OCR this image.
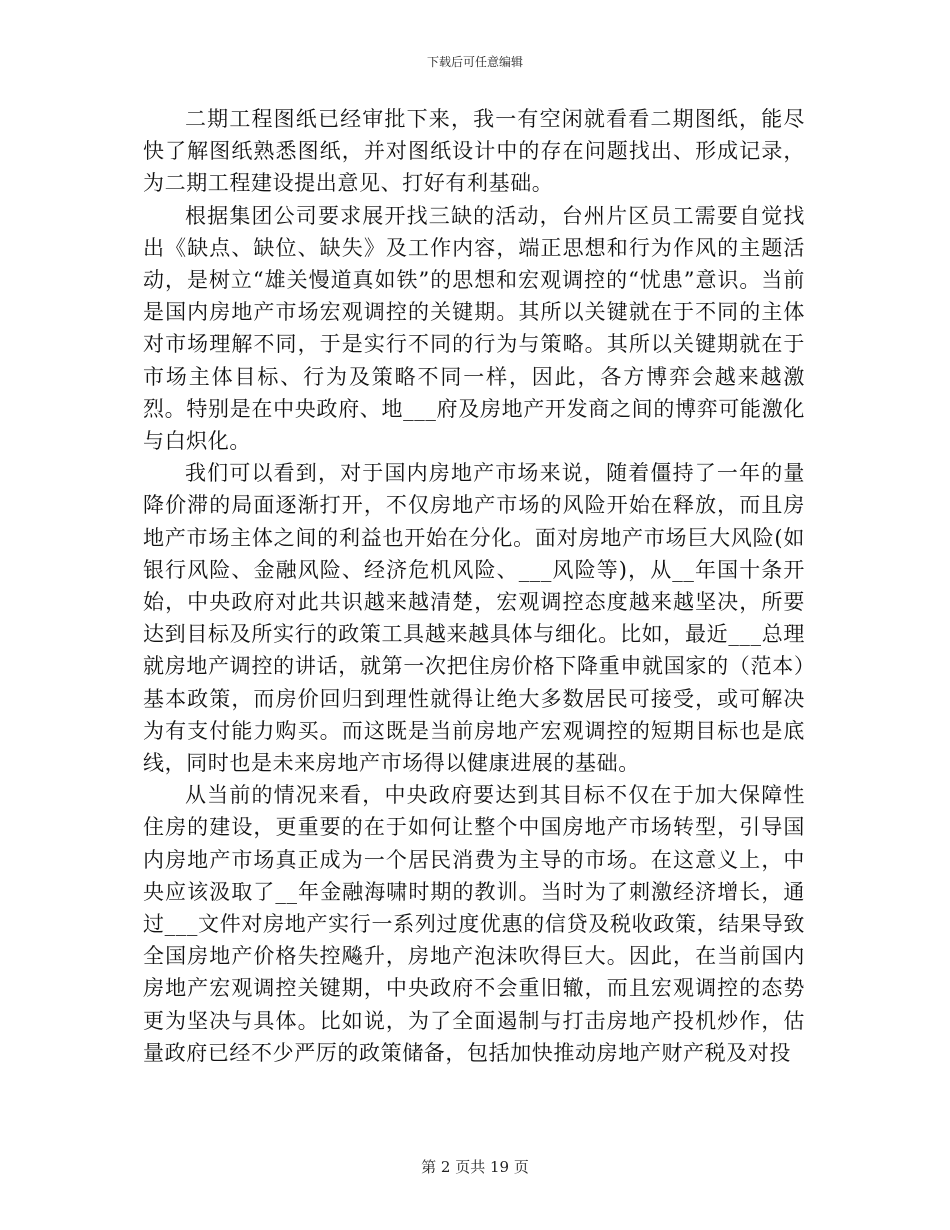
下载后可任意编辑

二期工程图纸已经审批下来，我一有空闲就看看二期图纸，能尽快了解图纸熟悉图纸，并对图纸设计中的存在问题找出、形成记录，为二期工程建设提出意见、打好有利基础。

根据集团公司要求展开找三缺的活动，台州片区员工需要自觉找出《缺点、缺位、缺失》及工作内容，端正思想和行为作风的主题活动，是树立“雄关慢道真如铁”的思想和宏观调控的“忧患”意识。当前是国内房地产市场宏观调控的关键期。其所以关键就在于不同的主体对市场理解不同，于是实行不同的行为与策略。其所以关键期就在于市场主体目标、行为及策略不同一样，因此，各方博弈会越来越激烈。特别是在中央政府、地___府及房地产开发商之间的博弈可能激化与白炽化。

我们可以看到，对于国内房地产市场来说，随着僵持了一年的量降价滞的局面逐渐打开，不仅房地产市场的风险开始在释放，而且房地产市场主体之间的利益也开始在分化。面对房地产市场巨大风险(如银行风险、金融风险、经济危机风险、___风险等)，从__年国十条开始，中央政府对此共识越来越清楚，宏观调控态度越来越坚决，所要达到目标及所实行的政策工具越来越具体与细化。比如，最近___总理就房地产调控的讲话，就第一次把住房价格下降重申就国家的（范本）基本政策，而房价回归到理性就得让绝大多数居民可接受，或可解决为有支付能力购买。而这既是当前房地产宏观调控的短期目标也是底线，同时也是未来房地产市场得以健康进展的基础。

从当前的情况来看，中央政府要达到其目标不仅在于加大保障性住房的建设，更重要的在于如何让整个中国房地产市场转型，引导国内房地产市场真正成为一个居民消费为主导的市场。在这意义上，中央应该汲取了__年金融海啸时期的教训。当时为了刺激经济增长，通过___文件对房地产实行一系列过度优惠的信贷及税收政策，结果导致全国房地产价格失控飚升，房地产泡沫吹得巨大。因此，在当前国内房地产宏观调控关键期，中央政府不会重旧辙，而且宏观调控的态势更为坚决与具体。比如说，为了全面遏制与打击房地产投机炒作，估量政府已经不少严厉的政策储备，包括加快推动房地产财产税及对投

第 2 页共 19 页
